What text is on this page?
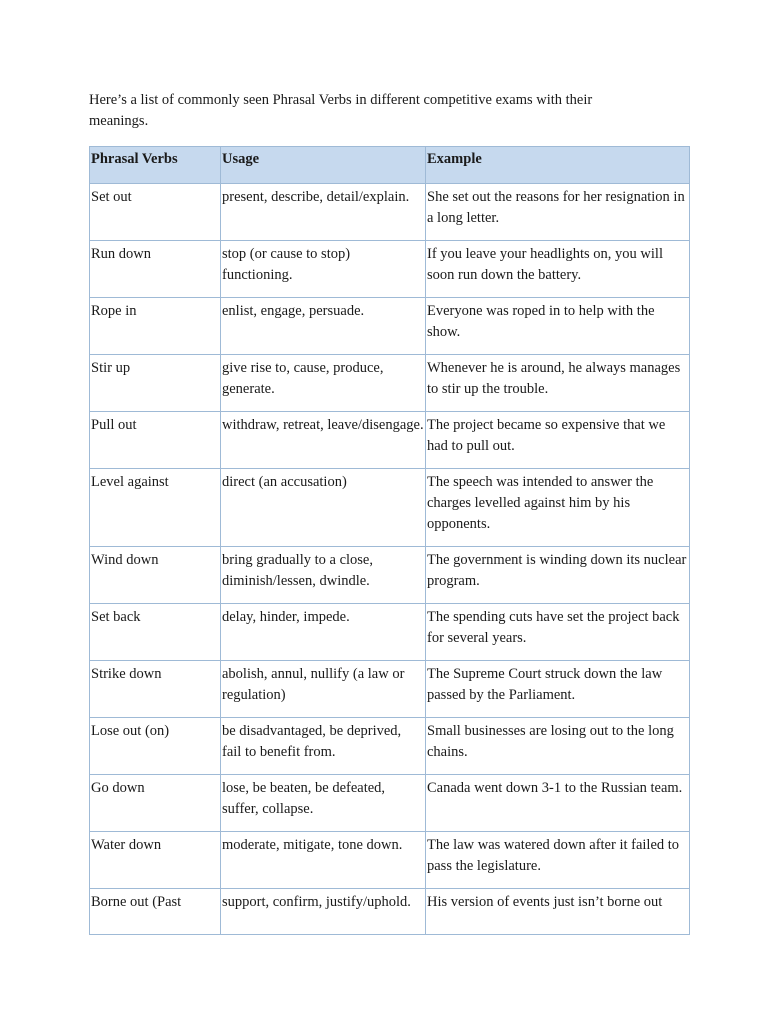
Here’s a list of commonly seen Phrasal Verbs in different competitive exams with their meanings.

Phrasal Verbs	Usage	Example
Set out	present, describe, detail/explain.	She set out the reasons for her resignation in a long letter.
Run down	stop (or cause to stop) functioning.	If you leave your headlights on, you will soon run down the battery.
Rope in	enlist, engage, persuade.	Everyone was roped in to help with the show.
Stir up	give rise to, cause, produce, generate.	Whenever he is around, he always manages to stir up the trouble.
Pull out	withdraw, retreat, leave/disengage.	The project became so expensive that we had to pull out.
Level against	direct (an accusation)	The speech was intended to answer the charges levelled against him by his opponents.
Wind down	bring gradually to a close, diminish/lessen, dwindle.	The government is winding down its nuclear program.
Set back	delay, hinder, impede.	The spending cuts have set the project back for several years.
Strike down	abolish, annul, nullify (a law or regulation)	The Supreme Court struck down the law passed by the Parliament.
Lose out (on)	be disadvantaged, be deprived, fail to benefit from.	Small businesses are losing out to the long chains.
Go down	lose, be beaten, be defeated, suffer, collapse.	Canada went down 3-1 to the Russian team.
Water down	moderate, mitigate, tone down.	The law was watered down after it failed to pass the legislature.
Borne out (Past	support, confirm, justify/uphold.	His version of events just isn’t borne out
